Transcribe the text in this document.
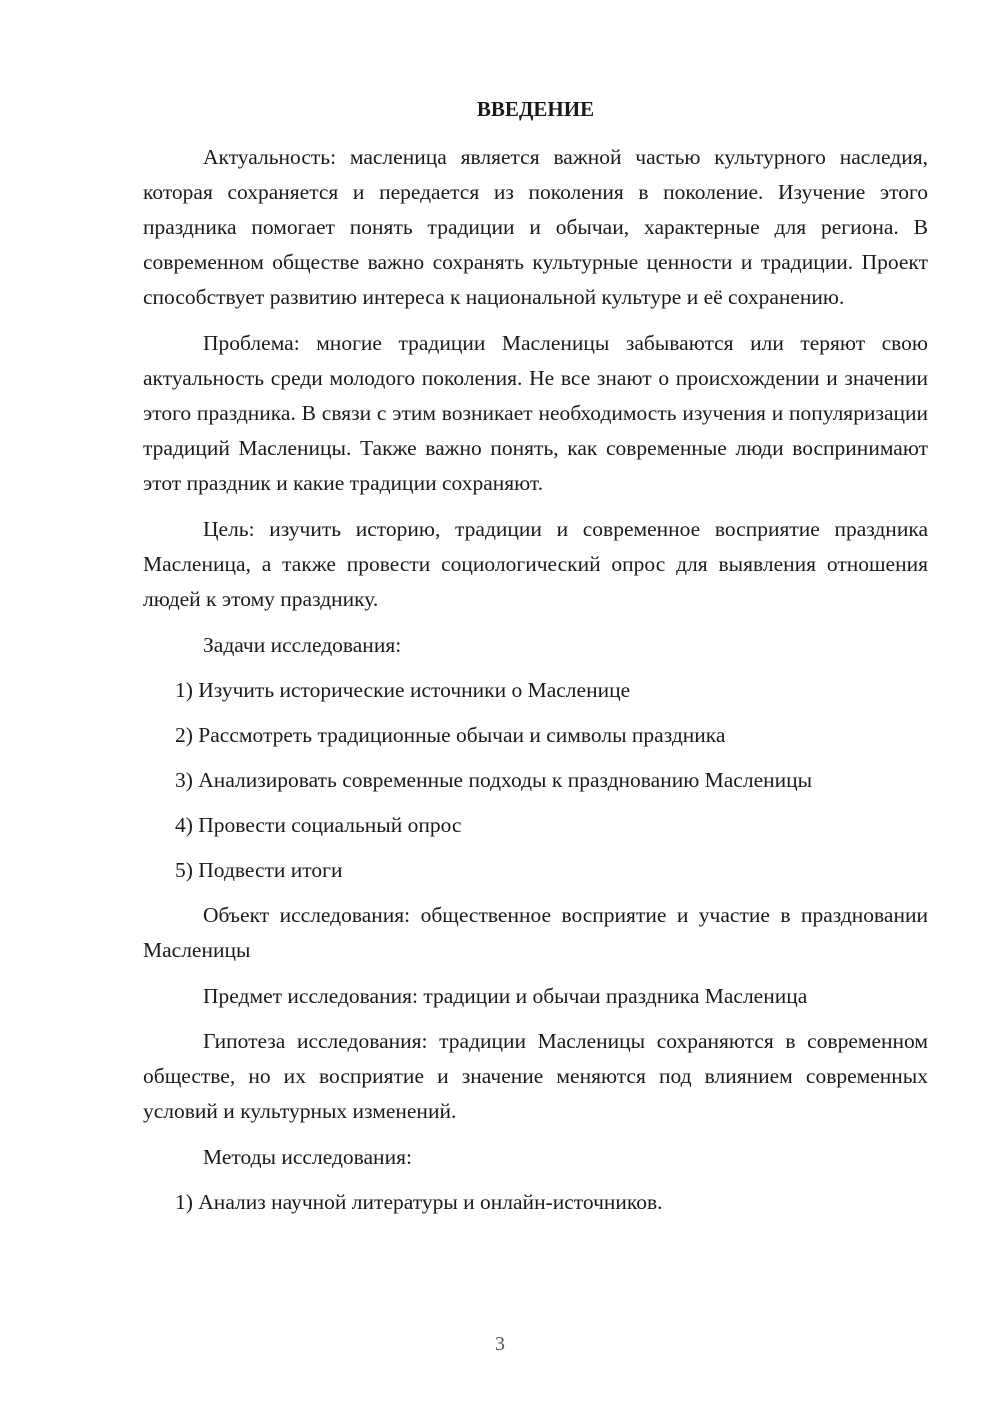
ВВЕДЕНИЕ
Актуальность: масленица является важной частью культурного наследия, которая сохраняется и передается из поколения в поколение. Изучение этого праздника помогает понять традиции и обычаи, характерные для региона. В современном обществе важно сохранять культурные ценности и традиции. Проект способствует развитию интереса к национальной культуре и её сохранению.
Проблема: многие традиции Масленицы забываются или теряют свою актуальность среди молодого поколения. Не все знают о происхождении и значении этого праздника. В связи с этим возникает необходимость изучения и популяризации традиций Масленицы. Также важно понять, как современные люди воспринимают этот праздник и какие традиции сохраняют.
Цель: изучить историю, традиции и современное восприятие праздника Масленица, а также провести социологический опрос для выявления отношения людей к этому празднику.
Задачи исследования:
1) Изучить исторические источники о Масленице
2) Рассмотреть традиционные обычаи и символы праздника
3) Анализировать современные подходы к празднованию Масленицы
4) Провести социальный опрос
5) Подвести итоги
Объект исследования: общественное восприятие и участие в праздновании Масленицы
Предмет исследования: традиции и обычаи праздника Масленица
Гипотеза исследования: традиции Масленицы сохраняются в современном обществе, но их восприятие и значение меняются под влиянием современных условий и культурных изменений.
Методы исследования:
1) Анализ научной литературы и онлайн-источников.
3
